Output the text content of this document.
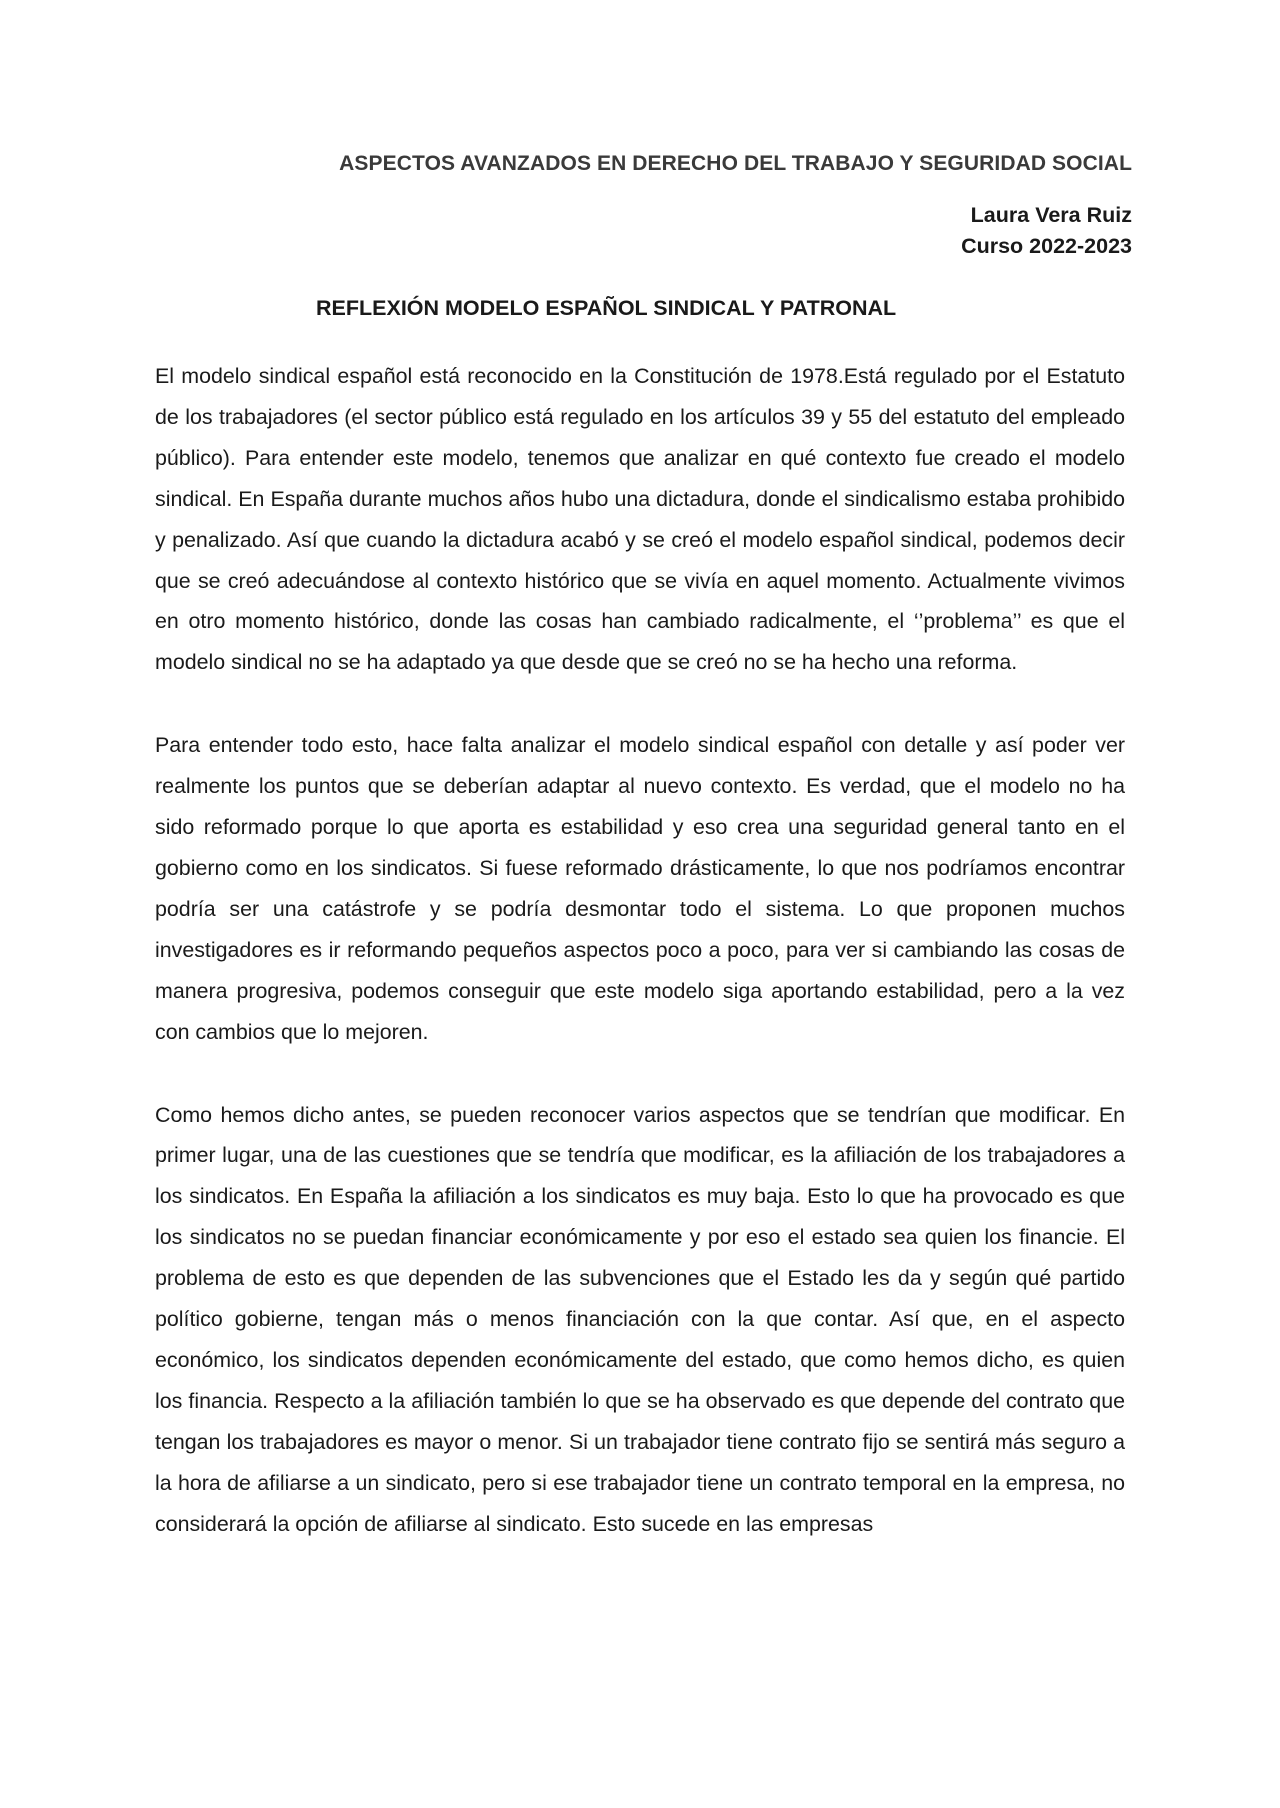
ASPECTOS AVANZADOS EN DERECHO DEL TRABAJO Y SEGURIDAD SOCIAL
Laura Vera Ruiz
Curso 2022-2023
REFLEXIÓN MODELO ESPAÑOL SINDICAL Y PATRONAL

El modelo sindical español está reconocido en la Constitución de 1978.Está regulado por el Estatuto de los trabajadores (el sector público está regulado en los artículos 39 y 55 del estatuto del empleado público). Para entender este modelo, tenemos que analizar en qué contexto fue creado el modelo sindical. En España durante muchos años hubo una dictadura, donde el sindicalismo estaba prohibido y penalizado. Así que cuando la dictadura acabó y se creó el modelo español sindical, podemos decir que se creó adecuándose al contexto histórico que se vivía en aquel momento. Actualmente vivimos en otro momento histórico, donde las cosas han cambiado radicalmente, el ‘’problema’’ es que el modelo sindical no se ha adaptado ya que desde que se creó no se ha hecho una reforma.

Para entender todo esto, hace falta analizar el modelo sindical español con detalle y así poder ver realmente los puntos que se deberían adaptar al nuevo contexto. Es verdad, que el modelo no ha sido reformado porque lo que aporta es estabilidad y eso crea una seguridad general tanto en el gobierno como en los sindicatos. Si fuese reformado drásticamente, lo que nos podríamos encontrar podría ser una catástrofe y se podría desmontar todo el sistema. Lo que proponen muchos investigadores es ir reformando pequeños aspectos poco a poco, para ver si cambiando las cosas de manera progresiva, podemos conseguir que este modelo siga aportando estabilidad, pero a la vez con cambios que lo mejoren.

Como hemos dicho antes, se pueden reconocer varios aspectos que se tendrían que modificar. En primer lugar, una de las cuestiones que se tendría que modificar, es la afiliación de los trabajadores a los sindicatos. En España la afiliación a los sindicatos es muy baja. Esto lo que ha provocado es que los sindicatos no se puedan financiar económicamente y por eso el estado sea quien los financie. El problema de esto es que dependen de las subvenciones que el Estado les da y según qué partido político gobierne, tengan más o menos financiación con la que contar. Así que, en el aspecto económico, los sindicatos dependen económicamente del estado, que como hemos dicho, es quien los financia. Respecto a la afiliación también lo que se ha observado es que depende del contrato que tengan los trabajadores es mayor o menor. Si un trabajador tiene contrato fijo se sentirá más seguro a la hora de afiliarse a un sindicato, pero si ese trabajador tiene un contrato temporal en la empresa, no considerará la opción de afiliarse al sindicato. Esto sucede en las empresas
